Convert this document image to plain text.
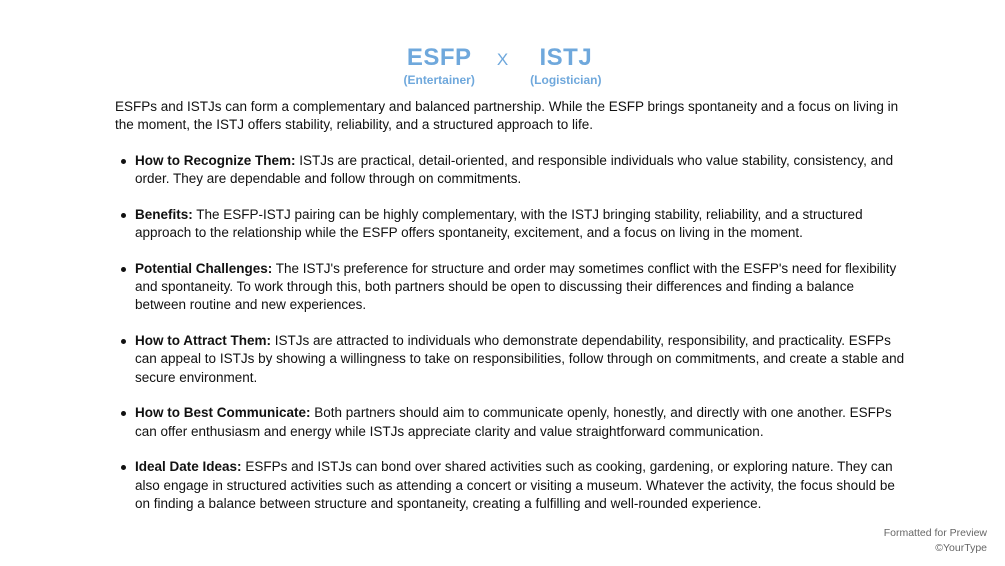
ESFP
(Entertainer)
X ISTJ
(Logistician)

ESFPs and ISTJs can form a complementary and balanced partnership. While the ESFP brings spontaneity and a focus on living in the moment, the ISTJ offers stability, reliability, and a structured approach to life.

How to Recognize Them: ISTJs are practical, detail-oriented, and responsible individuals who value stability, consistency, and order. They are dependable and follow through on commitments.
Benefits: The ESFP-ISTJ pairing can be highly complementary, with the ISTJ bringing stability, reliability, and a structured approach to the relationship while the ESFP offers spontaneity, excitement, and a focus on living in the moment.
Potential Challenges: The ISTJ's preference for structure and order may sometimes conflict with the ESFP's need for flexibility and spontaneity. To work through this, both partners should be open to discussing their differences and finding a balance between routine and new experiences.
How to Attract Them: ISTJs are attracted to individuals who demonstrate dependability, responsibility, and practicality. ESFPs can appeal to ISTJs by showing a willingness to take on responsibilities, follow through on commitments, and create a stable and secure environment.
How to Best Communicate: Both partners should aim to communicate openly, honestly, and directly with one another. ESFPs can offer enthusiasm and energy while ISTJs appreciate clarity and value straightforward communication.
Ideal Date Ideas: ESFPs and ISTJs can bond over shared activities such as cooking, gardening, or exploring nature. They can also engage in structured activities such as attending a concert or visiting a museum. Whatever the activity, the focus should be on finding a balance between structure and spontaneity, creating a fulfilling and well-rounded experience.
Formatted for Preview
©YourType
